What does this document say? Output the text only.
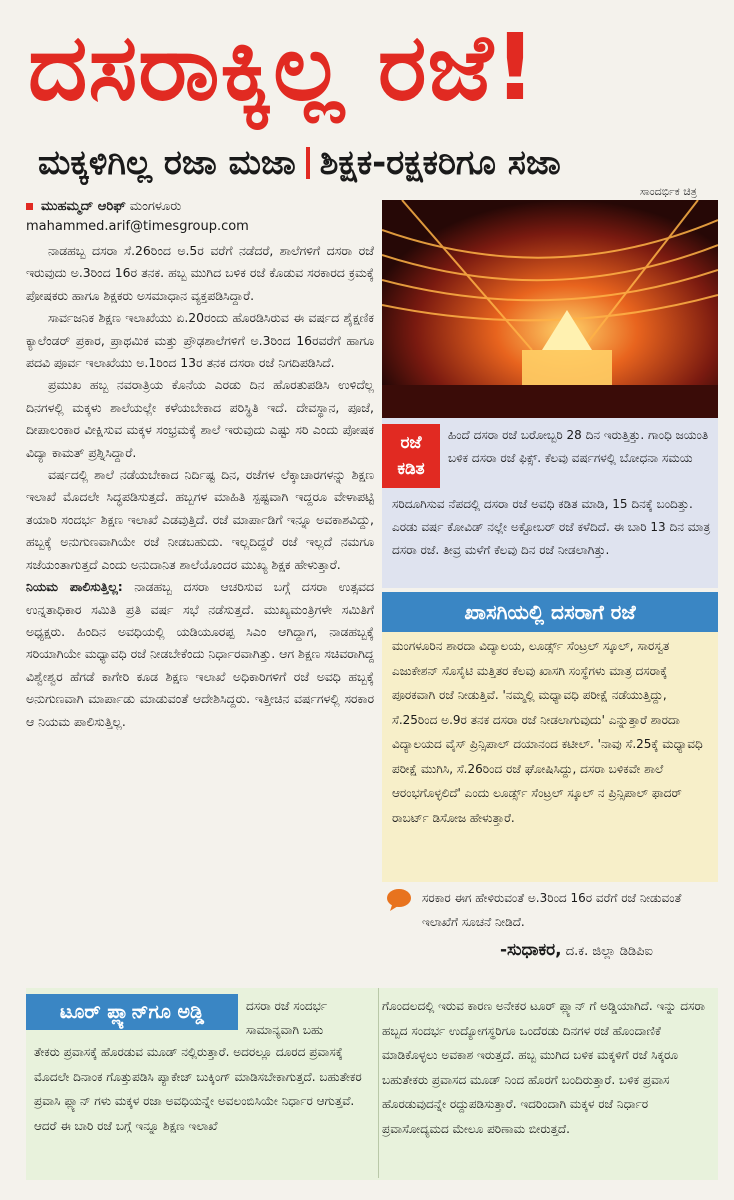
ದಸರಾಕ್ಕಿಲ್ಲ ರಜೆ!
ಮಕ್ಕಳಿಗಿಲ್ಲ ರಜಾ ಮಜಾ ಶಿಕ್ಷಕ-ರಕ್ಷಕರಿಗೂ ಸಜಾ
ಸಾಂದರ್ಭಿಕ ಚಿತ್ರ
ಮುಹಮ್ಮದ್ ಆರಿಫ್ ಮಂಗಳೂರು
mahammed.arif@timesgroup.com

ನಾಡಹಬ್ಬ ದಸರಾ ಸೆ.26ರಿಂದ ಅ.5ರ ವರೆಗೆ ನಡೆದರೆ, ಶಾಲೆಗಳಿಗೆ ದಸರಾ ರಜೆ ಇರುವುದು ಅ.3ರಿಂದ 16ರ ತನಕ. ಹಬ್ಬ ಮುಗಿದ ಬಳಿಕ ರಜೆ ಕೊಡುವ ಸರಕಾರದ ಕ್ರಮಕ್ಕೆ ಪೋಷಕರು ಹಾಗೂ ಶಿಕ್ಷಕರು ಅಸಮಾಧಾನ ವ್ಯಕ್ತಪಡಿಸಿದ್ದಾರೆ.

ಸಾರ್ವಜನಿಕ ಶಿಕ್ಷಣ ಇಲಾಖೆಯು ಏ.20ರಂದು ಹೊರಡಿಸಿರುವ ಈ ವರ್ಷದ ಶೈಕ್ಷಣಿಕ ಕ್ಯಾಲೆಂಡರ್ ಪ್ರಕಾರ, ಪ್ರಾಥಮಿಕ ಮತ್ತು ಪ್ರೌಢಶಾಲೆಗಳಿಗೆ ಅ.3ರಿಂದ 16ರವರೆಗೆ ಹಾಗೂ ಪದವಿ ಪೂರ್ವ ಇಲಾಖೆಯು ಅ.1ರಿಂದ 13ರ ತನಕ ದಸರಾ ರಜೆ ನಿಗದಿಪಡಿಸಿದೆ.

ಪ್ರಮುಖ ಹಬ್ಬ ನವರಾತ್ರಿಯ ಕೊನೆಯ ಎರಡು ದಿನ ಹೊರತುಪಡಿಸಿ ಉಳಿದೆಲ್ಲ ದಿನಗಳಲ್ಲಿ ಮಕ್ಕಳು ಶಾಲೆಯಲ್ಲೇ ಕಳೆಯಬೇಕಾದ ಪರಿಸ್ಥಿತಿ ಇದೆ. ದೇವಸ್ಥಾನ, ಪೂಜೆ, ದೀಪಾಲಂಕಾರ ವೀಕ್ಷಿಸುವ ಮಕ್ಕಳ ಸಂಭ್ರಮಕ್ಕೆ ಶಾಲೆ ಇರುವುದು ಎಷ್ಟು ಸರಿ ಎಂದು ಪೋಷಕ ವಿದ್ಯಾ ಕಾಮತ್ ಪ್ರಶ್ನಿಸಿದ್ದಾರೆ.

ವರ್ಷದಲ್ಲಿ ಶಾಲೆ ನಡೆಯಬೇಕಾದ ನಿರ್ದಿಷ್ಟ ದಿನ, ರಜೆಗಳ ಲೆಕ್ಕಾಚಾರಗಳನ್ನು ಶಿಕ್ಷಣ ಇಲಾಖೆ ಮೊದಲೇ ಸಿದ್ಧಪಡಿಸುತ್ತದೆ. ಹಬ್ಬಗಳ ಮಾಹಿತಿ ಸ್ಪಷ್ಟವಾಗಿ ಇದ್ದರೂ ವೇಳಾಪಟ್ಟಿ ತಯಾರಿ ಸಂದರ್ಭ ಶಿಕ್ಷಣ ಇಲಾಖೆ ಎಡವುತ್ತಿದೆ. ರಜೆ ಮಾರ್ಪಾಡಿಗೆ ಇನ್ನೂ ಅವಕಾಶವಿದ್ದು, ಹಬ್ಬಕ್ಕೆ ಅನುಗುಣವಾಗಿಯೇ ರಜೆ ನೀಡಬಹುದು. ಇಲ್ಲದಿದ್ದರೆ ರಜೆ ಇಲ್ಲದೆ ನಮಗೂ ಸಜೆಯಂತಾಗುತ್ತದೆ ಎಂದು ಅನುದಾನಿತ ಶಾಲೆಯೊಂದರ ಮುಖ್ಯ ಶಿಕ್ಷಕ ಹೇಳುತ್ತಾರೆ.

ನಿಯಮ ಪಾಲಿಸುತ್ತಿಲ್ಲ: ನಾಡಹಬ್ಬ ದಸರಾ ಆಚರಿಸುವ ಬಗ್ಗೆ ದಸರಾ ಉತ್ಸವದ ಉನ್ನತಾಧಿಕಾರ ಸಮಿತಿ ಪ್ರತಿ ವರ್ಷ ಸಭೆ ನಡೆಸುತ್ತದೆ. ಮುಖ್ಯಮಂತ್ರಿಗಳೇ ಸಮಿತಿಗೆ ಅಧ್ಯಕ್ಷರು. ಹಿಂದಿನ ಅವಧಿಯಲ್ಲಿ ಯಡಿಯೂರಪ್ಪ ಸಿಎಂ ಆಗಿದ್ದಾಗ, ನಾಡಹಬ್ಬಕ್ಕೆ ಸರಿಯಾಗಿಯೇ ಮಧ್ಯಾವಧಿ ರಜೆ ನೀಡಬೇಕೆಂದು ನಿರ್ಧಾರವಾಗಿತ್ತು. ಆಗ ಶಿಕ್ಷಣ ಸಚಿವರಾಗಿದ್ದ ವಿಶ್ವೇಶ್ವರ ಹೆಗಡೆ ಕಾಗೇರಿ ಕೂಡ ಶಿಕ್ಷಣ ಇಲಾಖೆ ಅಧಿಕಾರಿಗಳಿಗೆ ರಜೆ ಅವಧಿ ಹಬ್ಬಕ್ಕೆ ಅನುಗುಣವಾಗಿ ಮಾರ್ಪಾಡು ಮಾಡುವಂತೆ ಆದೇಶಿಸಿದ್ದರು. ಇತ್ತೀಚಿನ ವರ್ಷಗಳಲ್ಲಿ ಸರಕಾರ ಆ ನಿಯಮ ಪಾಲಿಸುತ್ತಿಲ್ಲ.

ರಜೆ
ಕಡಿತ
ಹಿಂದೆ ದಸರಾ ರಜೆ ಬರೋಬ್ಬರಿ 28 ದಿನ ಇರುತ್ತಿತ್ತು. ಗಾಂಧಿ ಜಯಂತಿ ಬಳಿಕ ದಸರಾ ರಜೆ ಫಿಕ್ಸ್. ಕೆಲವು ವರ್ಷಗಳಲ್ಲಿ ಬೋಧನಾ ಸಮಯ
ಸರಿದೂಗಿಸುವ ನೆಪದಲ್ಲಿ ದಸರಾ ರಜೆ ಅವಧಿ ಕಡಿತ ಮಾಡಿ, 15 ದಿನಕ್ಕೆ ಬಂದಿತ್ತು. ಎರಡು ವರ್ಷ ಕೋವಿಡ್ ನಲ್ಲೇ ಅಕ್ಟೋಬರ್ ರಜೆ ಕಳೆದಿದೆ. ಈ ಬಾರಿ 13 ದಿನ ಮಾತ್ರ ದಸರಾ ರಜೆ. ತೀವ್ರ ಮಳೆಗೆ ಕೆಲವು ದಿನ ರಜೆ ನೀಡಲಾಗಿತ್ತು.
ಖಾಸಗಿಯಲ್ಲಿ ದಸರಾಗೆ ರಜೆ
ಮಂಗಳೂರಿನ ಶಾರದಾ ವಿದ್ಯಾಲಯ, ಲೂರ್ಡ್ಸ್ ಸೆಂಟ್ರಲ್ ಸ್ಕೂಲ್, ಸಾರಸ್ವತ ಎಜುಕೇಶನ್ ಸೊಸೈಟಿ ಮತ್ತಿತರ ಕೆಲವು ಖಾಸಗಿ ಸಂಸ್ಥೆಗಳು ಮಾತ್ರ ದಸರಾಕ್ಕೆ ಪೂರಕವಾಗಿ ರಜೆ ನೀಡುತ್ತಿವೆ. 'ನಮ್ಮಲ್ಲಿ ಮಧ್ಯಾವಧಿ ಪರೀಕ್ಷೆ ನಡೆಯುತ್ತಿದ್ದು, ಸೆ.25ರಿಂದ ಅ.9ರ ತನಕ ದಸರಾ ರಜೆ ನೀಡಲಾಗುವುದು' ಎನ್ನುತ್ತಾರೆ ಶಾರದಾ ವಿದ್ಯಾಲಯದ ವೈಸ್ ಪ್ರಿನ್ಸಿಪಾಲ್ ದಯಾನಂದ ಕಟೀಲ್. 'ನಾವು ಸೆ.25ಕ್ಕೆ ಮಧ್ಯಾವಧಿ ಪರೀಕ್ಷೆ ಮುಗಿಸಿ, ಸೆ.26ರಿಂದ ರಜೆ ಘೋಷಿಸಿದ್ದು, ದಸರಾ ಬಳಿಕವೇ ಶಾಲೆ ಆರಂಭಗೊಳ್ಳಲಿದೆ' ಎಂದು ಲೂರ್ಡ್ಸ್ ಸೆಂಟ್ರಲ್ ಸ್ಕೂಲ್ ನ ಪ್ರಿನ್ಸಿಪಾಲ್ ಫಾದರ್ ರಾಬರ್ಟ್ ಡಿಸೋಜ ಹೇಳುತ್ತಾರೆ.
ಸರಕಾರ ಈಗ ಹೇಳಿರುವಂತೆ ಅ.3ರಿಂದ 16ರ ವರೆಗೆ ರಜೆ ನೀಡುವಂತೆ ಇಲಾಖೆಗೆ ಸೂಚನೆ ನೀಡಿದೆ.
-ಸುಧಾಕರ, ದ.ಕ. ಜಿಲ್ಲಾ ಡಿಡಿಪಿಐ
ಟೂರ್ ಪ್ಲ್ಯಾನ್‌ಗೂ ಅಡ್ಡಿ	ದಸರಾ ರಜೆ ಸಂದರ್ಭ ಸಾಮಾನ್ಯವಾಗಿ ಬಹು
ತೇಕರು ಪ್ರವಾಸಕ್ಕೆ ಹೊರಡುವ ಮೂಡ್ ನಲ್ಲಿರುತ್ತಾರೆ. ಅದರಲ್ಲೂ ದೂರದ ಪ್ರವಾಸಕ್ಕೆ ಮೊದಲೇ ದಿನಾಂಕ ಗೊತ್ತುಪಡಿಸಿ ಪ್ಯಾಕೇಜ್ ಬುಕ್ಕಿಂಗ್ ಮಾಡಿಸಬೇಕಾಗುತ್ತದೆ. ಬಹುತೇಕರ ಪ್ರವಾಸಿ ಪ್ಲ್ಯಾನ್ ಗಳು ಮಕ್ಕಳ ರಜಾ ಅವಧಿಯನ್ನೇ ಅವಲಂಬಿಸಿಯೇ ನಿರ್ಧಾರ ಆಗುತ್ತವೆ. ಆದರೆ ಈ ಬಾರಿ ರಜೆ ಬಗ್ಗೆ ಇನ್ನೂ ಶಿಕ್ಷಣ ಇಲಾಖೆ
ಗೊಂದಲದಲ್ಲಿ ಇರುವ ಕಾರಣ ಅನೇಕರ ಟೂರ್ ಪ್ಲ್ಯಾನ್ ಗೆ ಅಡ್ಡಿಯಾಗಿದೆ. ಇನ್ನು ದಸರಾ ಹಬ್ಬದ ಸಂದರ್ಭ ಉದ್ಯೋಗಸ್ಥರಿಗೂ ಒಂದೆರಡು ದಿನಗಳ ರಜೆ ಹೊಂದಾಣಿಕೆ ಮಾಡಿಕೊಳ್ಳಲು ಅವಕಾಶ ಇರುತ್ತದೆ. ಹಬ್ಬ ಮುಗಿದ ಬಳಿಕ ಮಕ್ಕಳಿಗೆ ರಜೆ ಸಿಕ್ಕರೂ ಬಹುತೇಕರು ಪ್ರವಾಸದ ಮೂಡ್ ನಿಂದ ಹೊರಗೆ ಬಂದಿರುತ್ತಾರೆ. ಬಳಿಕ ಪ್ರವಾಸ ಹೊರಡುವುದನ್ನೇ ರದ್ದುಪಡಿಸುತ್ತಾರೆ. ಇದರಿಂದಾಗಿ ಮಕ್ಕಳ ರಜೆ ನಿರ್ಧಾರ ಪ್ರವಾಸೋದ್ಯಮದ ಮೇಲೂ ಪರಿಣಾಮ ಬೀರುತ್ತದೆ.
